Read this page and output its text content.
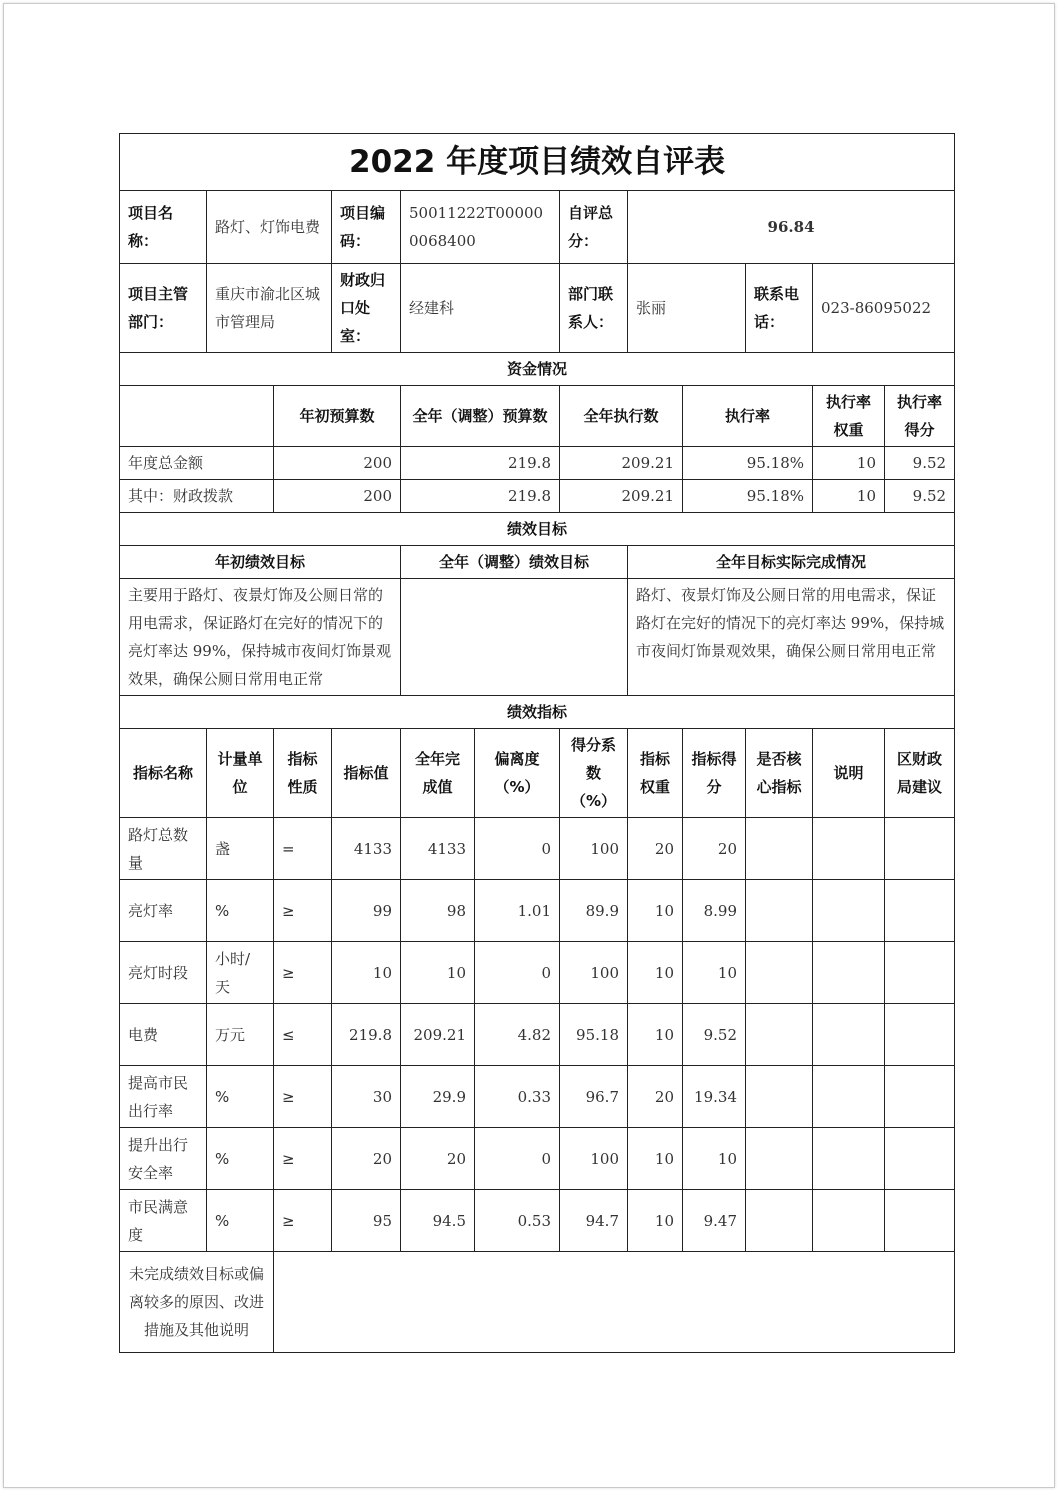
2022 年度项目绩效自评表											
项目名称：	路灯、灯饰电费		项目编码：	50011222T000000068400		自评总分：	96.84				
项目主管部门：	重庆市渝北区城市管理局		财政归口处室：	经建科		部门联系人：	张丽		联系电话：	023-86095022	
资金情况											
		年初预算数		全年（调整）预算数		全年执行数		执行率		执行率权重	执行率得分
年度总金额		200		219.8		209.21		95.18%		10	9.52
其中：财政拨款		200		219.8		209.21		95.18%		10	9.52
绩效目标											
年初绩效目标				全年（调整）绩效目标			全年目标实际完成情况				
主要用于路灯、夜景灯饰及公厕日常的用电需求，保证路灯在完好的情况下的亮灯率达 99%，保持城市夜间灯饰景观效果，确保公厕日常用电正常							路灯、夜景灯饰及公厕日常的用电需求，保证路灯在完好的情况下的亮灯率达 99%，保持城市夜间灯饰景观效果，确保公厕日常用电正常				
绩效指标											
指标名称	计量单位	指标性质	指标值	全年完成值	偏离度（%）	得分系数（%）	指标权重	指标得分	是否核心指标	说明	区财政局建议
路灯总数量	盏	=	4133	4133	0	100	20	20			
亮灯率	%	≥	99	98	1.01	89.9	10	8.99			
亮灯时段	小时/天	≥	10	10	0	100	10	10			
电费	万元	≤	219.8	209.21	4.82	95.18	10	9.52			
提高市民出行率	%	≥	30	29.9	0.33	96.7	20	19.34			
提升出行安全率	%	≥	20	20	0	100	10	10			
市民满意度	%	≥	95	94.5	0.53	94.7	10	9.47			
未完成绩效目标或偏离较多的原因、改进措施及其他说明											
